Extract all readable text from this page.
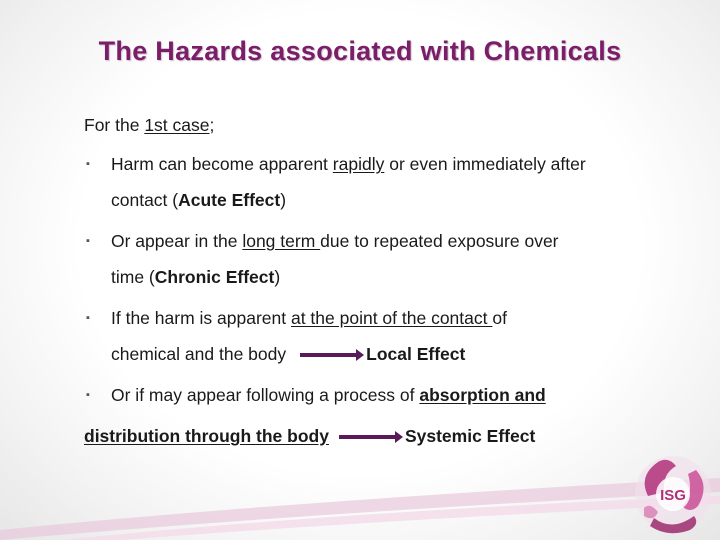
The Hazards associated with Chemicals
For the 1st case;
▪ Harm can become apparent rapidly or even immediately after
contact (Acute Effect)
▪ Or appear in the long term due to repeated exposure over
time (Chronic Effect)
▪ If the harm is apparent at the point of the contact of
chemical and the body	Local Effect
▪ Or if may appear following a process of absorption and
distribution through the body	Systemic Effect
ISG
